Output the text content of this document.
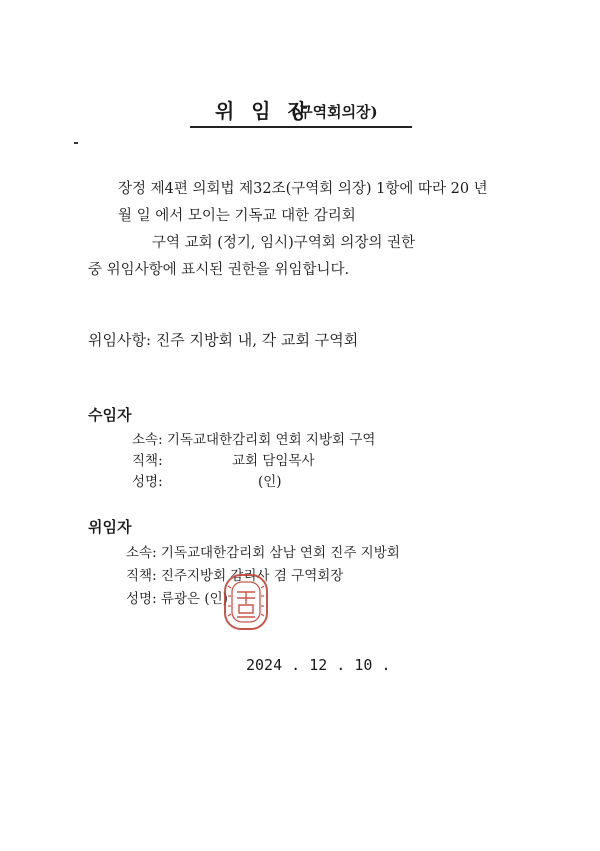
위 임 장
(구역회의장)
장정 제4편 의회법 제32조(구역회 의장) 1항에 따라 20 년
월 일 에서 모이는 기독교 대한 감리회
구역 교회 (정기, 임시)구역회 의장의 권한
중 위임사항에 표시된 권한을 위임합니다.
위임사항: 진주 지방회 내, 각 교회 구역회
수임자
소속: 기독교대한감리회 연회 지방회 구역
직책:	교회 담임목사
성명:	(인)
위임자
소속: 기독교대한감리회 삼남 연회 진주 지방회
직책: 진주지방회 감리사 겸 구역회장
성명: 류광은 (인)
2024 . 12 . 10 .
